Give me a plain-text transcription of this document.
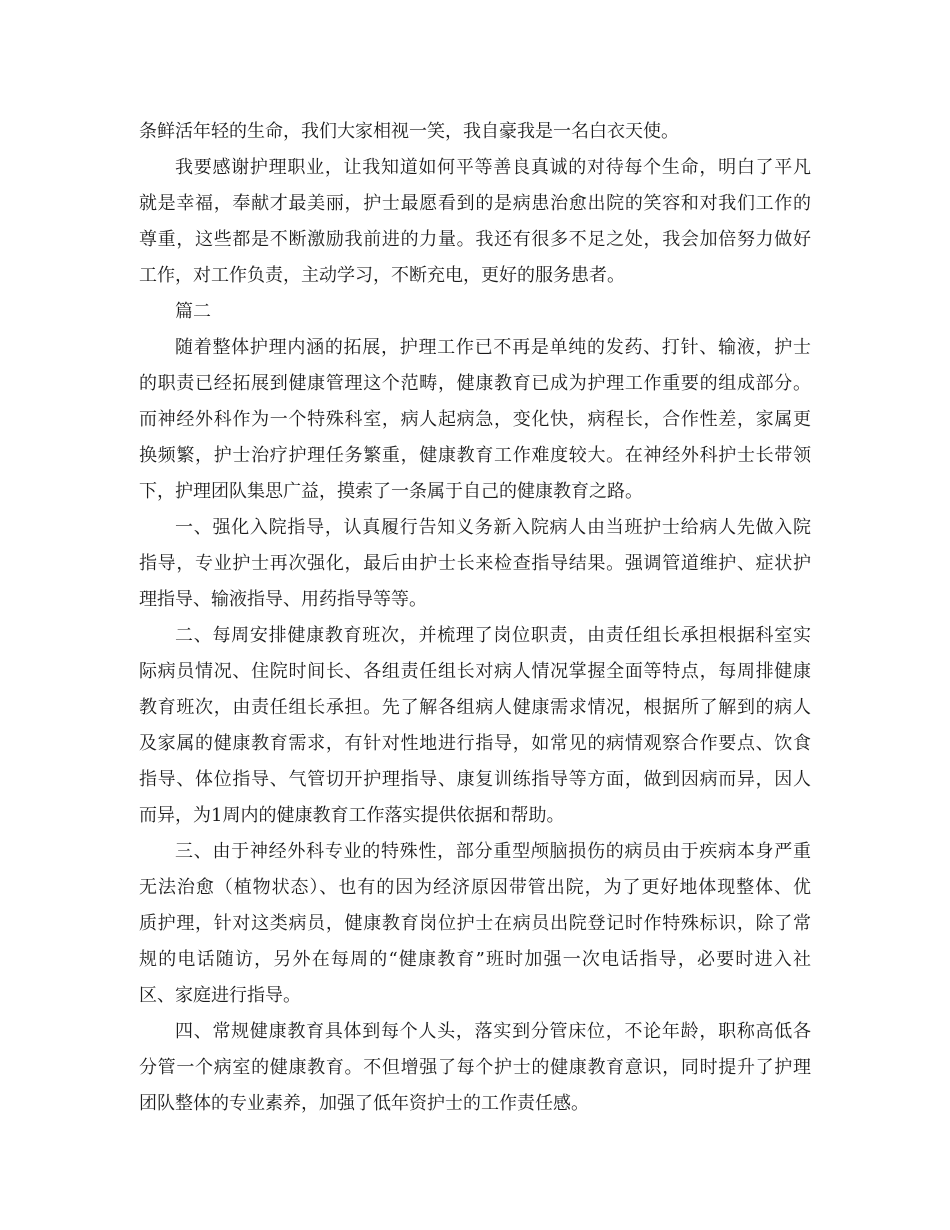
条鲜活年轻的生命，我们大家相视一笑，我自豪我是一名白衣天使。
我要感谢护理职业，让我知道如何平等善良真诚的对待每个生命，明白了平凡
就是幸福，奉献才最美丽，护士最愿看到的是病患治愈出院的笑容和对我们工作的
尊重，这些都是不断激励我前进的力量。我还有很多不足之处，我会加倍努力做好
工作，对工作负责，主动学习，不断充电，更好的服务患者。
篇二
随着整体护理内涵的拓展，护理工作已不再是单纯的发药、打针、输液，护士
的职责已经拓展到健康管理这个范畴，健康教育已成为护理工作重要的组成部分。
而神经外科作为一个特殊科室，病人起病急，变化快，病程长，合作性差，家属更
换频繁，护士治疗护理任务繁重，健康教育工作难度较大。在神经外科护士长带领
下，护理团队集思广益，摸索了一条属于自己的健康教育之路。
一、强化入院指导，认真履行告知义务新入院病人由当班护士给病人先做入院
指导，专业护士再次强化，最后由护士长来检查指导结果。强调管道维护、症状护
理指导、输液指导、用药指导等等。
二、每周安排健康教育班次，并梳理了岗位职责，由责任组长承担根据科室实
际病员情况、住院时间长、各组责任组长对病人情况掌握全面等特点，每周排健康
教育班次，由责任组长承担。先了解各组病人健康需求情况，根据所了解到的病人
及家属的健康教育需求，有针对性地进行指导，如常见的病情观察合作要点、饮食
指导、体位指导、气管切开护理指导、康复训练指导等方面，做到因病而异，因人
而异，为1周内的健康教育工作落实提供依据和帮助。
三、由于神经外科专业的特殊性，部分重型颅脑损伤的病员由于疾病本身严重
无法治愈（植物状态）、也有的因为经济原因带管出院，为了更好地体现整体、优
质护理，针对这类病员，健康教育岗位护士在病员出院登记时作特殊标识，除了常
规的电话随访，另外在每周的“健康教育”班时加强一次电话指导，必要时进入社
区、家庭进行指导。
四、常规健康教育具体到每个人头，落实到分管床位，不论年龄，职称高低各
分管一个病室的健康教育。不但增强了每个护士的健康教育意识，同时提升了护理
团队整体的专业素养，加强了低年资护士的工作责任感。
